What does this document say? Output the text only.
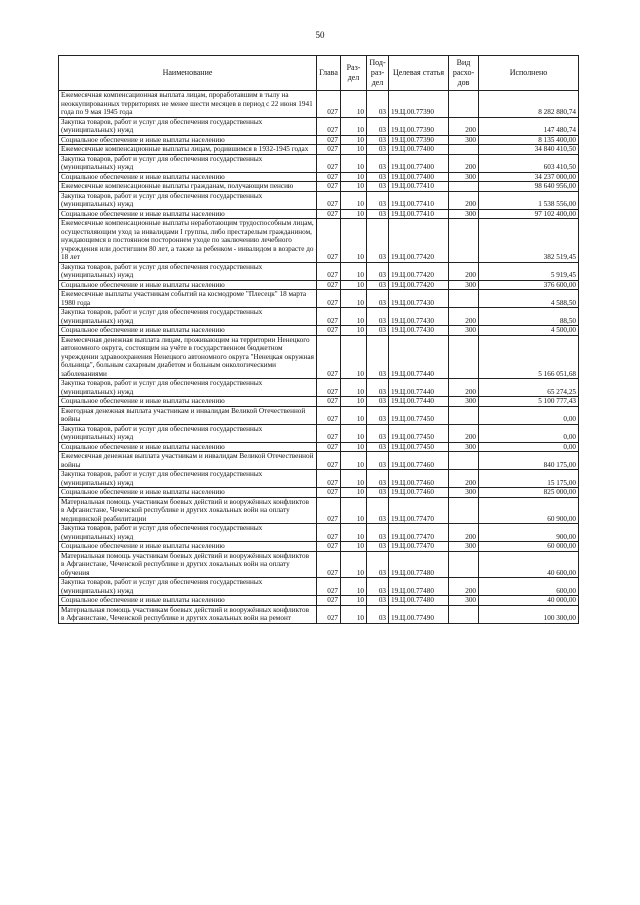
50
Наименование	Глава	Раз-дел	Под-раз-дел	Целевая статья	Вид расхо-дов	Исполнено
Ежемесячная компенсационная выплата лицам, проработавшим в тылу на неоккупированных территориях не менее шести месяцев в период с 22 июня 1941 года по 9 мая 1945 года	027	10	03	19.Ц.00.77390		8 282 880,74
Закупка товаров, работ и услуг для обеспечения государственных (муниципальных) нужд	027	10	03	19.Ц.00.77390	200	147 480,74
Социальное обеспечение и иные выплаты населению	027	10	03	19.Ц.00.77390	300	8 135 400,00
Ежемесячные компенсационные выплаты лицам, родившимся в 1932-1945 годах	027	10	03	19.Ц.00.77400		34 840 410,50
Закупка товаров, работ и услуг для обеспечения государственных (муниципальных) нужд	027	10	03	19.Ц.00.77400	200	603 410,50
Социальное обеспечение и иные выплаты населению	027	10	03	19.Ц.00.77400	300	34 237 000,00
Ежемесячные компенсационные выплаты гражданам, получающим пенсию	027	10	03	19.Ц.00.77410		98 640 956,00
Закупка товаров, работ и услуг для обеспечения государственных (муниципальных) нужд	027	10	03	19.Ц.00.77410	200	1 538 556,00
Социальное обеспечение и иные выплаты населению	027	10	03	19.Ц.00.77410	300	97 102 400,00
Ежемесячные компенсационные выплаты неработающим трудоспособным лицам, осуществляющим уход за инвалидами I группы, либо престарелым гражданином, нуждающимся в постоянном постороннем уходе по заключению лечебного учреждения или достигшим 80 лет, а также за ребенком - инвалидом в возрасте до 18 лет	027	10	03	19.Ц.00.77420		382 519,45
Закупка товаров, работ и услуг для обеспечения государственных (муниципальных) нужд	027	10	03	19.Ц.00.77420	200	5 919,45
Социальное обеспечение и иные выплаты населению	027	10	03	19.Ц.00.77420	300	376 600,00
Ежемесячные выплаты участникам событий на космодроме "Плесецк" 18 марта 1980 года	027	10	03	19.Ц.00.77430		4 588,50
Закупка товаров, работ и услуг для обеспечения государственных (муниципальных) нужд	027	10	03	19.Ц.00.77430	200	88,50
Социальное обеспечение и иные выплаты населению	027	10	03	19.Ц.00.77430	300	4 500,00
Ежемесячная денежная выплата лицам, проживающим на территории Ненецкого автономного округа, состоящим на учёте в государственном бюджетном учреждении здравоохранения Ненецкого автономного округа "Ненецкая окружная больница", больным сахарным диабетом и больным онкологическими заболеваниями	027	10	03	19.Ц.00.77440		5 166 051,68
Закупка товаров, работ и услуг для обеспечения государственных (муниципальных) нужд	027	10	03	19.Ц.00.77440	200	65 274,25
Социальное обеспечение и иные выплаты населению	027	10	03	19.Ц.00.77440	300	5 100 777,43
Ежегодная денежная выплата участникам и инвалидам Великой Отечественной войны	027	10	03	19.Ц.00.77450		0,00
Закупка товаров, работ и услуг для обеспечения государственных (муниципальных) нужд	027	10	03	19.Ц.00.77450	200	0,00
Социальное обеспечение и иные выплаты населению	027	10	03	19.Ц.00.77450	300	0,00
Ежемесячная денежная выплата участникам и инвалидам Великой Отечественной войны	027	10	03	19.Ц.00.77460		840 175,00
Закупка товаров, работ и услуг для обеспечения государственных (муниципальных) нужд	027	10	03	19.Ц.00.77460	200	15 175,00
Социальное обеспечение и иные выплаты населению	027	10	03	19.Ц.00.77460	300	825 000,00
Материальная помощь участникам боевых действий и вооружённых конфликтов в Афганистане, Чеченской республике и других локальных войн на оплату медицинской реабилитации	027	10	03	19.Ц.00.77470		60 900,00
Закупка товаров, работ и услуг для обеспечения государственных (муниципальных) нужд	027	10	03	19.Ц.00.77470	200	900,00
Социальное обеспечение и иные выплаты населению	027	10	03	19.Ц.00.77470	300	60 000,00
Материальная помощь участникам боевых действий и вооружённых конфликтов в Афганистане, Чеченской республике и других локальных войн на оплату обучения	027	10	03	19.Ц.00.77480		40 600,00
Закупка товаров, работ и услуг для обеспечения государственных (муниципальных) нужд	027	10	03	19.Ц.00.77480	200	600,00
Социальное обеспечение и иные выплаты населению	027	10	03	19.Ц.00.77480	300	40 000,00
Материальная помощь участникам боевых действий и вооружённых конфликтов в Афганистане, Чеченской республике и других локальных войн на ремонт	027	10	03	19.Ц.00.77490		100 300,00
